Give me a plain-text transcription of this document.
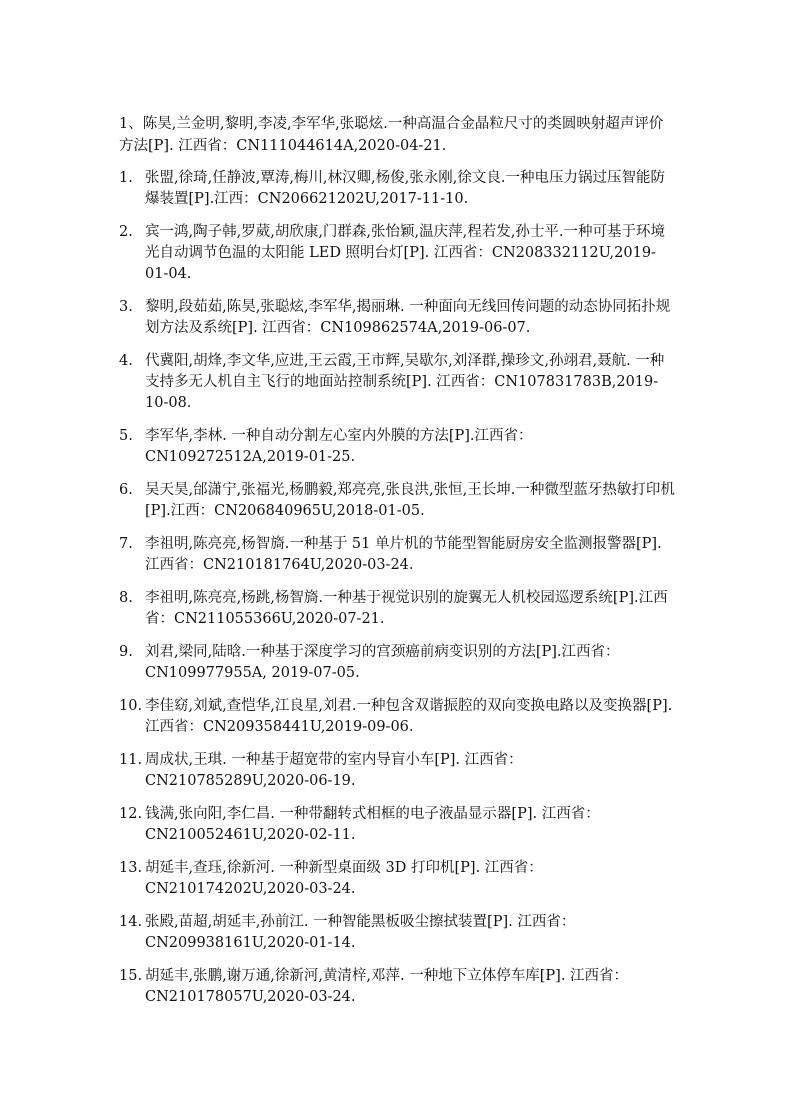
1、陈昊,兰金明,黎明,李凌,李军华,张聪炫.一种高温合金晶粒尺寸的类圆映射超声评价方法[P]. 江西省：CN111044614A,2020-04-21.

1. 张盟,徐琦,任静波,覃涛,梅川,林汉卿,杨俊,张永刚,徐文良.一种电压力锅过压智能防爆装置[P].江西：CN206621202U,2017-11-10.
2. 宾一鸿,陶子韩,罗葳,胡欣康,门群森,张怡颖,温庆萍,程若发,孙士平.一种可基于环境光自动调节色温的太阳能 LED 照明台灯[P]. 江西省：CN208332112U,2019-01-04.
3. 黎明,段茹茹,陈昊,张聪炫,李军华,揭丽琳. 一种面向无线回传问题的动态协同拓扑规划方法及系统[P]. 江西省：CN109862574A,2019-06-07.
4. 代冀阳,胡烽,李文华,应进,王云霞,王市辉,吴歇尔,刘泽群,操珍文,孙翊君,聂航. 一种支持多无人机自主飞行的地面站控制系统[P]. 江西省：CN107831783B,2019-10-08.
5. 李军华,李林. 一种自动分割左心室内外膜的方法[P].江西省：CN109272512A,2019-01-25.
6. 吴天昊,邰潇宁,张福光,杨鹏毅,郑亮亮,张良洪,张恒,王长坤.一种微型蓝牙热敏打印机[P].江西：CN206840965U,2018-01-05.
7. 李祖明,陈亮亮,杨智旖.一种基于 51 单片机的节能型智能厨房安全监测报警器[P].江西省：CN210181764U,2020-03-24.
8. 李祖明,陈亮亮,杨跳,杨智旖.一种基于视觉识别的旋翼无人机校园巡逻系统[P].江西省：CN211055366U,2020-07-21.
9. 刘君,梁同,陆晗.一种基于深度学习的宫颈癌前病变识别的方法[P].江西省：CN109977955A, 2019-07-05.
10. 李佳窈,刘斌,查恺华,江良星,刘君.一种包含双谐振腔的双向变换电路以及变换器[P].江西省：CN209358441U,2019-09-06.
11. 周成状,王琪. 一种基于超宽带的室内导盲小车[P]. 江西省：CN210785289U,2020-06-19.
12. 钱满,张向阳,李仁昌. 一种带翻转式相框的电子液晶显示器[P]. 江西省：CN210052461U,2020-02-11.
13. 胡延丰,查珏,徐新河. 一种新型桌面级 3D 打印机[P]. 江西省：CN210174202U,2020-03-24.
14. 张殿,苗超,胡延丰,孙前江. 一种智能黑板吸尘擦拭装置[P]. 江西省：CN209938161U,2020-01-14.
15. 胡延丰,张鹏,谢万通,徐新河,黄清梓,邓萍. 一种地下立体停车库[P]. 江西省：CN210178057U,2020-03-24.
